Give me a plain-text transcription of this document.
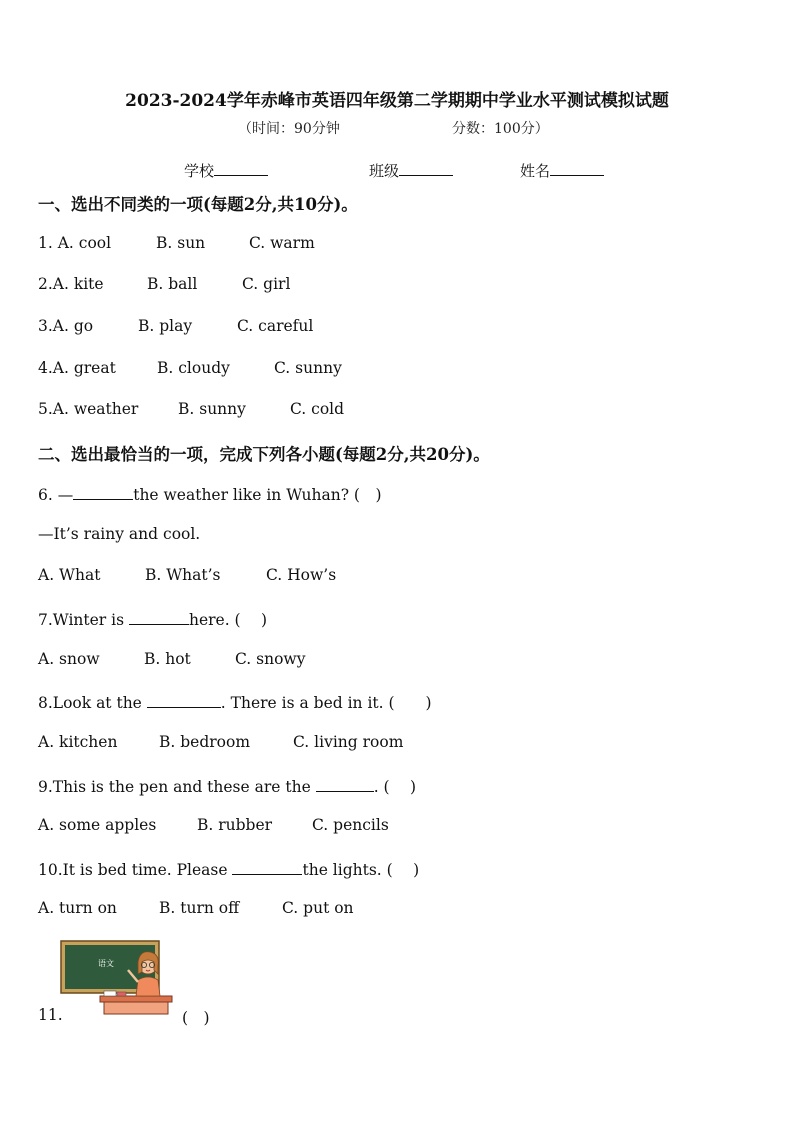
2023-2024学年赤峰市英语四年级第二学期期中学业水平测试模拟试题
（时间：90分钟	分数：100分）
学校	班级	姓名
一、选出不同类的一项(每题2分,共10分)。
1. A. cool	B. sun	C. warm
2.A. kite	B. ball	C. girl
3.A. go	B. play	C. careful
4.A. great	B. cloudy	C. sunny
5.A. weather	B. sunny	C. cold
二、选出最恰当的一项，完成下列各小题(每题2分,共20分)。
6. —	the weather like in Wuhan? (　)
—It’s rainy and cool.
A. What	B. What’s	C. How’s
7.Winter is	here. (　 )
A. snow	B. hot	C. snowy
8.Look at the	. There is a bed in it. (　　)
A. kitchen	B. bedroom	C. living room
9.This is the pen and these are the	. (　 )
A. some apples	B. rubber	C. pencils
10.It is bed time. Please	the lights. (　 )
A. turn on	B. turn off	C. put on
语文
11.	(　)
